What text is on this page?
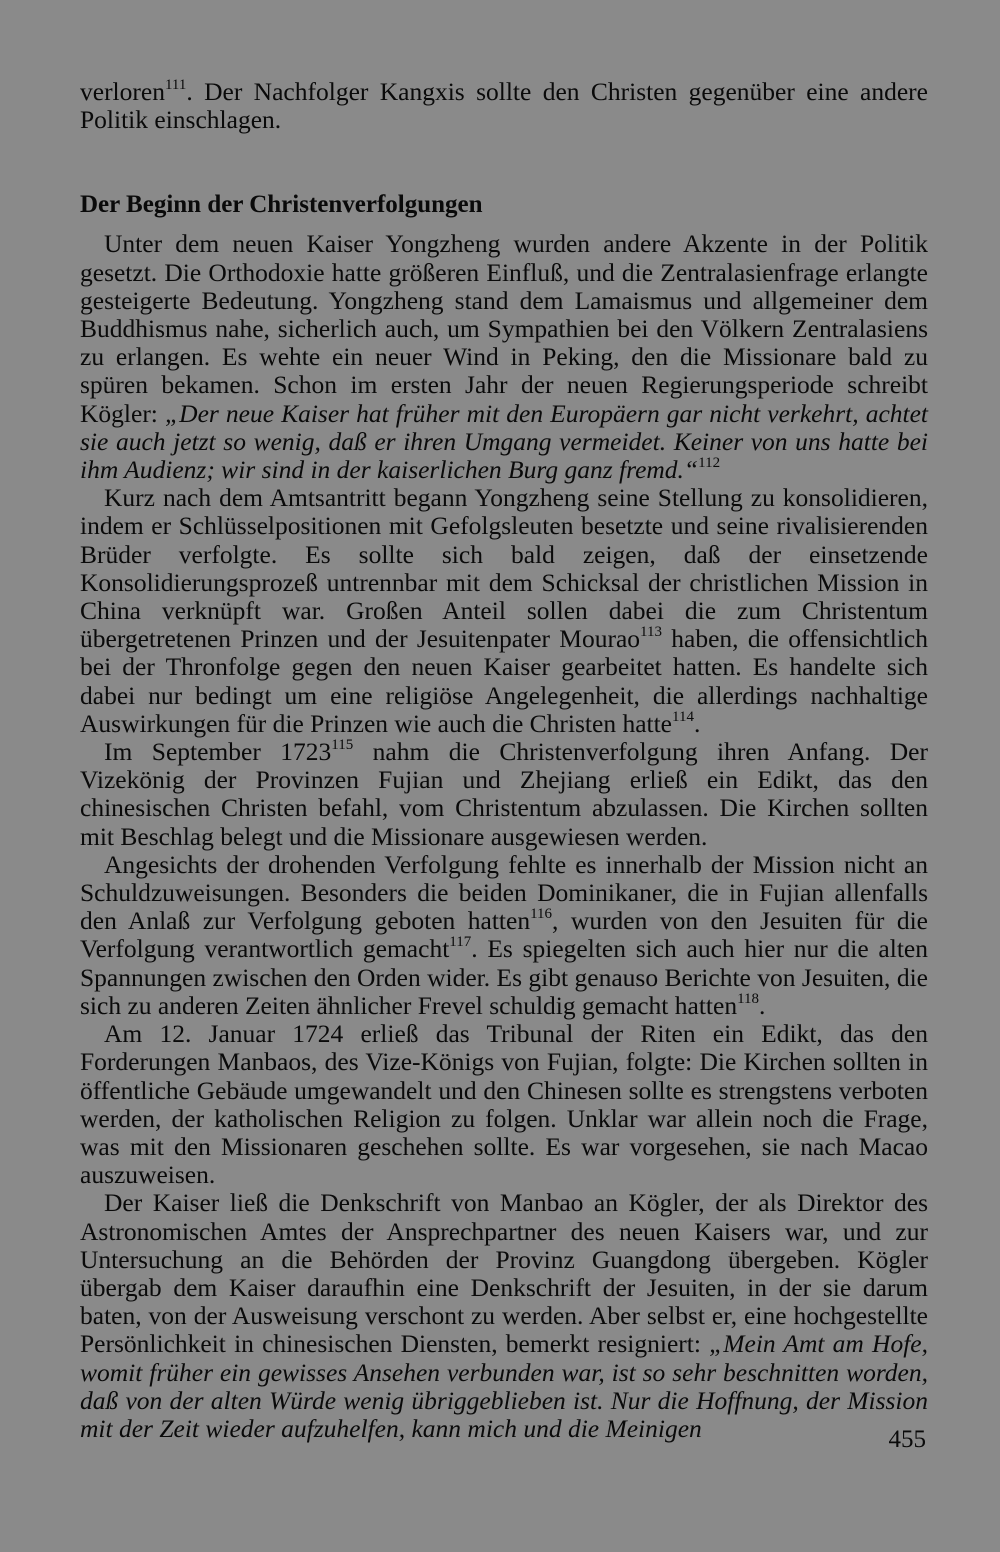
verloren$^{111}$. Der Nachfolger Kangxis sollte den Christen gegenüber eine andere Politik einschlagen.

Der Beginn der Christenverfolgungen

Unter dem neuen Kaiser Yongzheng wurden andere Akzente in der Politik gesetzt. Die Orthodoxie hatte größeren Einfluß, und die Zentralasienfrage erlangte gesteigerte Bedeutung. Yongzheng stand dem Lamaismus und allgemeiner dem Buddhismus nahe, sicherlich auch, um Sympathien bei den Völkern Zentralasiens zu erlangen. Es wehte ein neuer Wind in Peking, den die Missionare bald zu spüren bekamen. Schon im ersten Jahr der neuen Regierungsperiode schreibt Kögler: „Der neue Kaiser hat früher mit den Europäern gar nicht verkehrt, achtet sie auch jetzt so wenig, daß er ihren Umgang vermeidet. Keiner von uns hatte bei ihm Audienz; wir sind in der kaiserlichen Burg ganz fremd.“$^{112}$

Kurz nach dem Amtsantritt begann Yongzheng seine Stellung zu konsolidieren, indem er Schlüsselpositionen mit Gefolgsleuten besetzte und seine rivalisierenden Brüder verfolgte. Es sollte sich bald zeigen, daß der einsetzende Konsolidierungsprozeß untrennbar mit dem Schicksal der christlichen Mission in China verknüpft war. Großen Anteil sollen dabei die zum Christentum übergetretenen Prinzen und der Jesuitenpater Mourao$^{113}$ haben, die offensichtlich bei der Thronfolge gegen den neuen Kaiser gearbeitet hatten. Es handelte sich dabei nur bedingt um eine religiöse Angelegenheit, die allerdings nachhaltige Auswirkungen für die Prinzen wie auch die Christen hatte$^{114}$.

Im September 1723$^{115}$ nahm die Christenverfolgung ihren Anfang. Der Vizekönig der Provinzen Fujian und Zhejiang erließ ein Edikt, das den chinesischen Christen befahl, vom Christentum abzulassen. Die Kirchen sollten mit Beschlag belegt und die Missionare ausgewiesen werden.

Angesichts der drohenden Verfolgung fehlte es innerhalb der Mission nicht an Schuldzuweisungen. Besonders die beiden Dominikaner, die in Fujian allenfalls den Anlaß zur Verfolgung geboten hatten$^{116}$, wurden von den Jesuiten für die Verfolgung verantwortlich gemacht$^{117}$. Es spiegelten sich auch hier nur die alten Spannungen zwischen den Orden wider. Es gibt genauso Berichte von Jesuiten, die sich zu anderen Zeiten ähnlicher Frevel schuldig gemacht hatten$^{118}$.

Am 12. Januar 1724 erließ das Tribunal der Riten ein Edikt, das den Forderungen Manbaos, des Vize-Königs von Fujian, folgte: Die Kirchen sollten in öffentliche Gebäude umgewandelt und den Chinesen sollte es strengstens verboten werden, der katholischen Religion zu folgen. Unklar war allein noch die Frage, was mit den Missionaren geschehen sollte. Es war vorgesehen, sie nach Macao auszuweisen.

Der Kaiser ließ die Denkschrift von Manbao an Kögler, der als Direktor des Astronomischen Amtes der Ansprechpartner des neuen Kaisers war, und zur Untersuchung an die Behörden der Provinz Guangdong übergeben. Kögler übergab dem Kaiser daraufhin eine Denkschrift der Jesuiten, in der sie darum baten, von der Ausweisung verschont zu werden. Aber selbst er, eine hochgestellte Persönlichkeit in chinesischen Diensten, bemerkt resigniert: „Mein Amt am Hofe, womit früher ein gewisses Ansehen verbunden war, ist so sehr beschnitten worden, daß von der alten Würde wenig übriggeblieben ist. Nur die Hoffnung, der Mission mit der Zeit wieder aufzuhelfen, kann mich und die Meinigen	455
